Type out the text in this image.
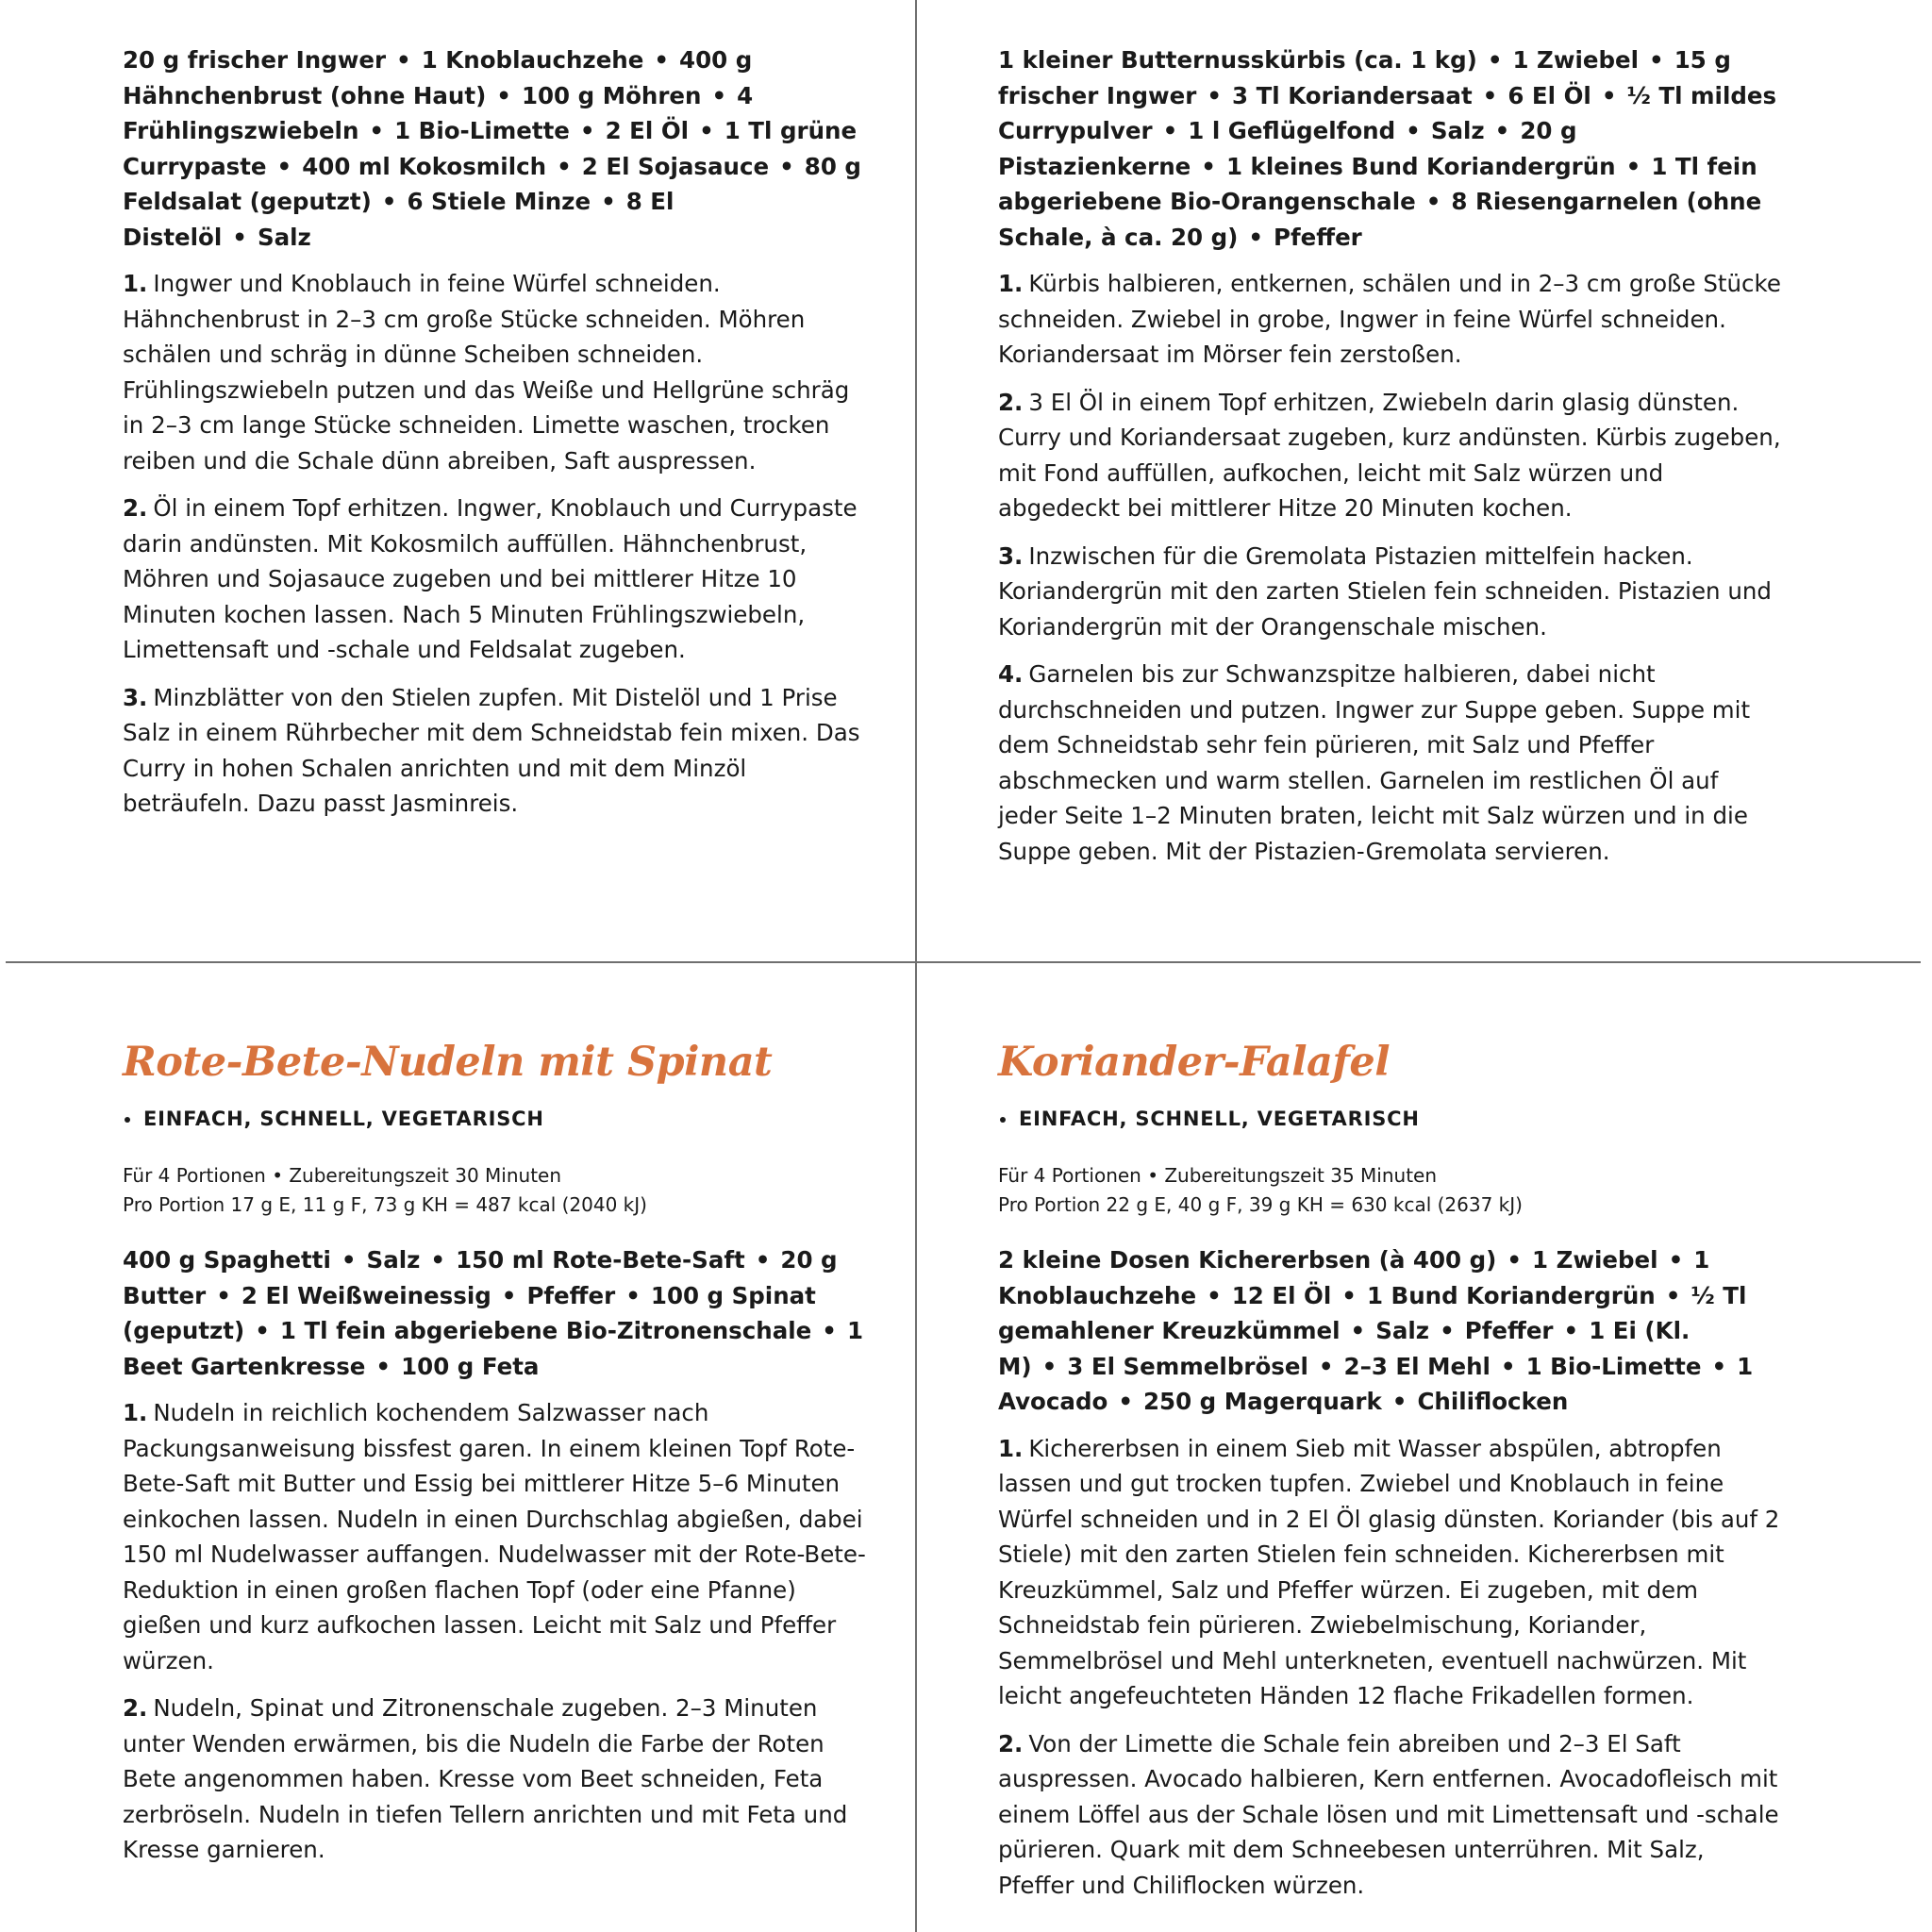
20 g frischer Ingwer • 1 Knoblauchzehe • 400 g Hähnchenbrust (ohne Haut) • 100 g Möhren • 4 Frühlingszwiebeln • 1 Bio-Limette • 2 El Öl • 1 Tl grüne Currypaste • 400 ml Kokosmilch • 2 El Sojasauce • 80 g Feldsalat (geputzt) • 6 Stiele Minze • 8 El Distelöl • Salz
1. Ingwer und Knoblauch in feine Würfel schneiden. Hähnchenbrust in 2–3 cm große Stücke schneiden. Möhren schälen und schräg in dünne Scheiben schneiden. Frühlingszwiebeln putzen und das Weiße und Hellgrüne schräg in 2–3 cm lange Stücke schneiden. Limette waschen, trocken reiben und die Schale dünn abreiben, Saft auspressen.
2. Öl in einem Topf erhitzen. Ingwer, Knoblauch und Currypaste darin andünsten. Mit Kokosmilch auffüllen. Hähnchenbrust, Möhren und Sojasauce zugeben und bei mittlerer Hitze 10 Minuten kochen lassen. Nach 5 Minuten Frühlingszwiebeln, Limettensaft und -schale und Feldsalat zugeben.
3. Minzblätter von den Stielen zupfen. Mit Distelöl und 1 Prise Salz in einem Rührbecher mit dem Schneidstab fein mixen. Das Curry in hohen Schalen anrichten und mit dem Minzöl beträufeln. Dazu passt Jasminreis.
1 kleiner Butternusskürbis (ca. 1 kg) • 1 Zwiebel • 15 g frischer Ingwer • 3 Tl Koriandersaat • 6 El Öl • ½ Tl mildes Currypulver • 1 l Geflügelfond • Salz • 20 g Pistazienkerne • 1 kleines Bund Koriandergrün • 1 Tl fein abgeriebene Bio-Orangenschale • 8 Riesengarnelen (ohne Schale, à ca. 20 g) • Pfeffer
1. Kürbis halbieren, entkernen, schälen und in 2–3 cm große Stücke schneiden. Zwiebel in grobe, Ingwer in feine Würfel schneiden. Koriandersaat im Mörser fein zerstoßen.
2. 3 El Öl in einem Topf erhitzen, Zwiebeln darin glasig dünsten. Curry und Koriandersaat zugeben, kurz andünsten. Kürbis zugeben, mit Fond auffüllen, aufkochen, leicht mit Salz würzen und abgedeckt bei mittlerer Hitze 20 Minuten kochen.
3. Inzwischen für die Gremolata Pistazien mittelfein hacken. Koriandergrün mit den zarten Stielen fein schneiden. Pistazien und Koriandergrün mit der Orangenschale mischen.
4. Garnelen bis zur Schwanzspitze halbieren, dabei nicht durchschneiden und putzen. Ingwer zur Suppe geben. Suppe mit dem Schneidstab sehr fein pürieren, mit Salz und Pfeffer abschmecken und warm stellen. Garnelen im restlichen Öl auf jeder Seite 1–2 Minuten braten, leicht mit Salz würzen und in die Suppe geben. Mit der Pistazien-Gremolata servieren.
Rote-Bete-Nudeln mit Spinat
EINFACH, SCHNELL, VEGETARISCH
Für 4 Portionen • Zubereitungszeit 30 Minuten
Pro Portion 17 g E, 11 g F, 73 g KH = 487 kcal (2040 kJ)
400 g Spaghetti • Salz • 150 ml Rote-Bete-Saft • 20 g Butter • 2 El Weißweinessig • Pfeffer • 100 g Spinat (geputzt) • 1 Tl fein abgeriebene Bio-Zitronenschale • 1 Beet Gartenkresse • 100 g Feta
1. Nudeln in reichlich kochendem Salzwasser nach Packungsanweisung bissfest garen. In einem kleinen Topf Rote-Bete-Saft mit Butter und Essig bei mittlerer Hitze 5–6 Minuten einkochen lassen. Nudeln in einen Durchschlag abgießen, dabei 150 ml Nudelwasser auffangen. Nudelwasser mit der Rote-Bete-Reduktion in einen großen flachen Topf (oder eine Pfanne) gießen und kurz aufkochen lassen. Leicht mit Salz und Pfeffer würzen.
2. Nudeln, Spinat und Zitronenschale zugeben. 2–3 Minuten unter Wenden erwärmen, bis die Nudeln die Farbe der Roten Bete angenommen haben. Kresse vom Beet schneiden, Feta zerbröseln. Nudeln in tiefen Tellern anrichten und mit Feta und Kresse garnieren.
Koriander-Falafel
EINFACH, SCHNELL, VEGETARISCH
Für 4 Portionen • Zubereitungszeit 35 Minuten
Pro Portion 22 g E, 40 g F, 39 g KH = 630 kcal (2637 kJ)
2 kleine Dosen Kichererbsen (à 400 g) • 1 Zwiebel • 1 Knoblauchzehe • 12 El Öl • 1 Bund Koriandergrün • ½ Tl gemahlener Kreuzkümmel • Salz • Pfeffer • 1 Ei (Kl. M) • 3 El Semmelbrösel • 2–3 El Mehl • 1 Bio-Limette • 1 Avocado • 250 g Magerquark • Chiliflocken
1. Kichererbsen in einem Sieb mit Wasser abspülen, abtropfen lassen und gut trocken tupfen. Zwiebel und Knoblauch in feine Würfel schneiden und in 2 El Öl glasig dünsten. Koriander (bis auf 2 Stiele) mit den zarten Stielen fein schneiden. Kichererbsen mit Kreuzkümmel, Salz und Pfeffer würzen. Ei zugeben, mit dem Schneidstab fein pürieren. Zwiebelmischung, Koriander, Semmelbrösel und Mehl unterkneten, eventuell nachwürzen. Mit leicht angefeuchteten Händen 12 flache Frikadellen formen.
2. Von der Limette die Schale fein abreiben und 2–3 El Saft auspressen. Avocado halbieren, Kern entfernen. Avocadofleisch mit einem Löffel aus der Schale lösen und mit Limettensaft und -schale pürieren. Quark mit dem Schneebesen unterrühren. Mit Salz, Pfeffer und Chiliflocken würzen.
